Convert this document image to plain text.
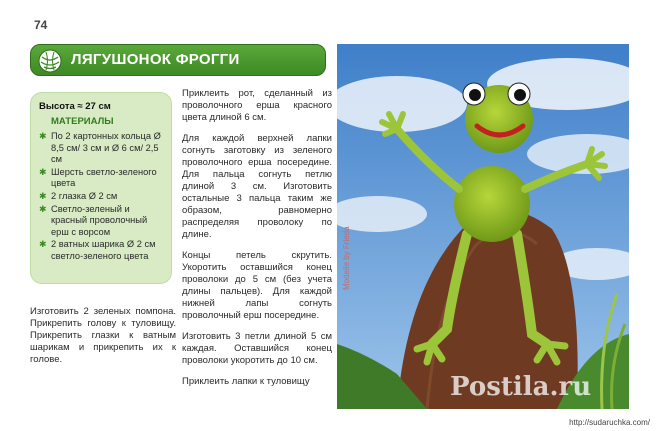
74
ЛЯГУШОНОК ФРОГГИ
Высота ≈ 27 см
МАТЕРИАЛЫ
✱ По 2 картонных кольца Ø 8,5 см/ 3 см и Ø 6 см/ 2,5 см
✱ Шерсть светло-зеленого цвета
✱ 2 глазка Ø 2 см
✱ Светло-зеленый и красный проволочный ерш с ворсом
✱ 2 ватных шарика Ø 2 см светло-зеленого цвета
Изготовить 2 зеленых помпона. Прикрепить голову к туловищу. Прикрепить глазки к ватным шарикам и прикрепить их к голове.

Приклеить рот, сделанный из проволочного ерша красного цвета длиной 6 см.

Для каждой верхней лапки согнуть заготовку из зеленого проволочного ерша посередине. Для пальца согнуть петлю длиной 3 см. Изготовить остальные 3 пальца таким же образом, равномерно распределяя проволоку по длине.

Концы петель скрутить. Укоротить оставшийся конец проволоки до 5 см (без учета длины пальцев). Для каждой нижней лапы согнуть проволочный ерш посередине.

Изготовить 3 петли длиной 5 см каждая. Оставшийся конец проволоки укоротить до 10 см.

Приклеить лапки к туловищу

Modelle by Frieda
Postila.ru
http://sudaruchka.com/
